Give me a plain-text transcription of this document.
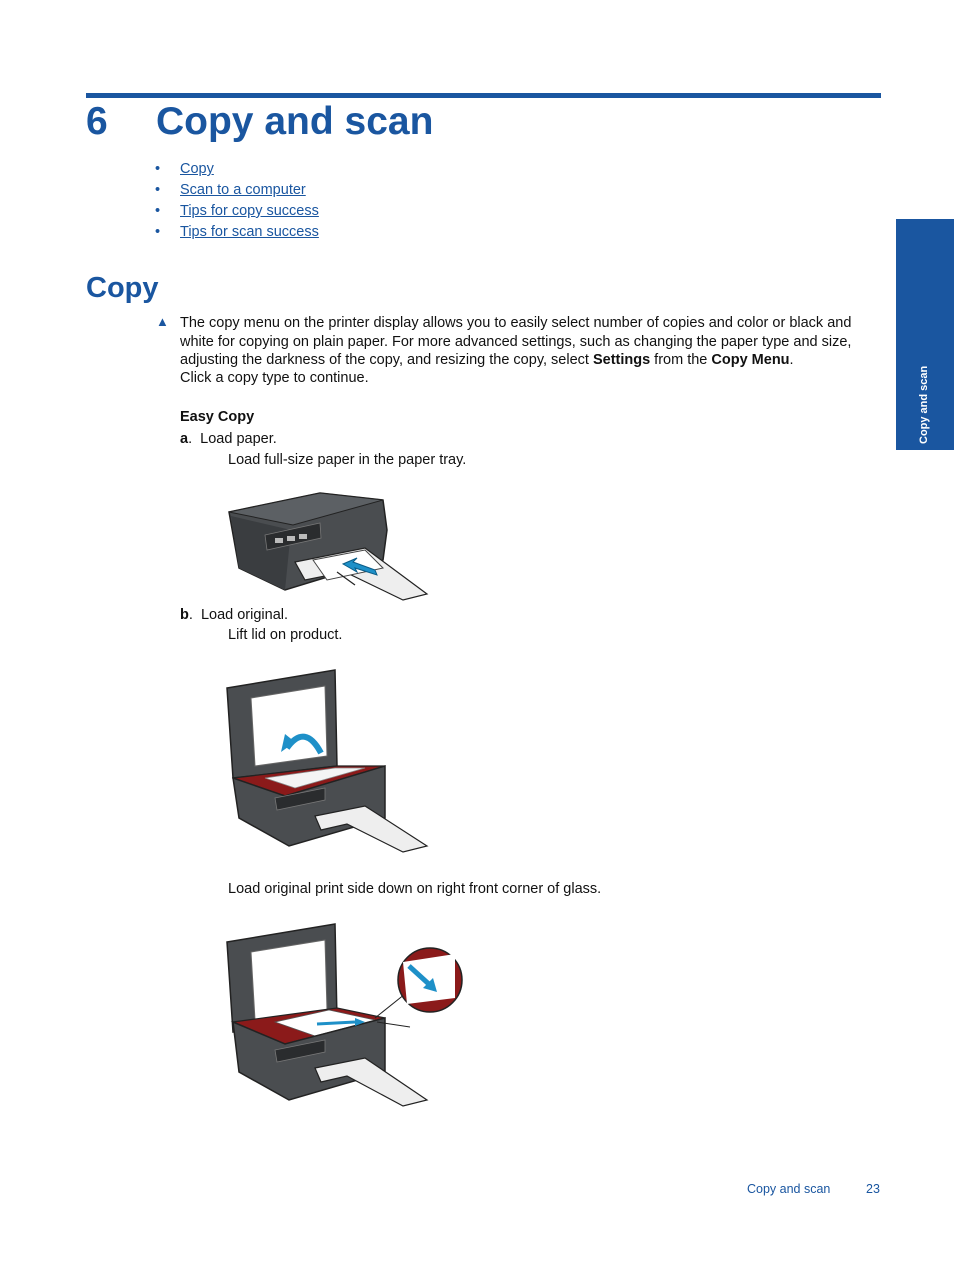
6 Copy and scan
• Copy
• Scan to a computer
• Tips for copy success
• Tips for scan success
Copy
▲ The copy menu on the printer display allows you to easily select number of copies and color or black and white for copying on plain paper. For more advanced settings, such as changing the paper type and size, adjusting the darkness of the copy, and resizing the copy, select Settings from the Copy Menu.

Click a copy type to continue.

Easy Copy

a. Load paper.

Load full-size paper in the paper tray.

b. Load original.

Lift lid on product.

Load original print side down on right front corner of glass.

Copy and scan
Copy and scan	23
